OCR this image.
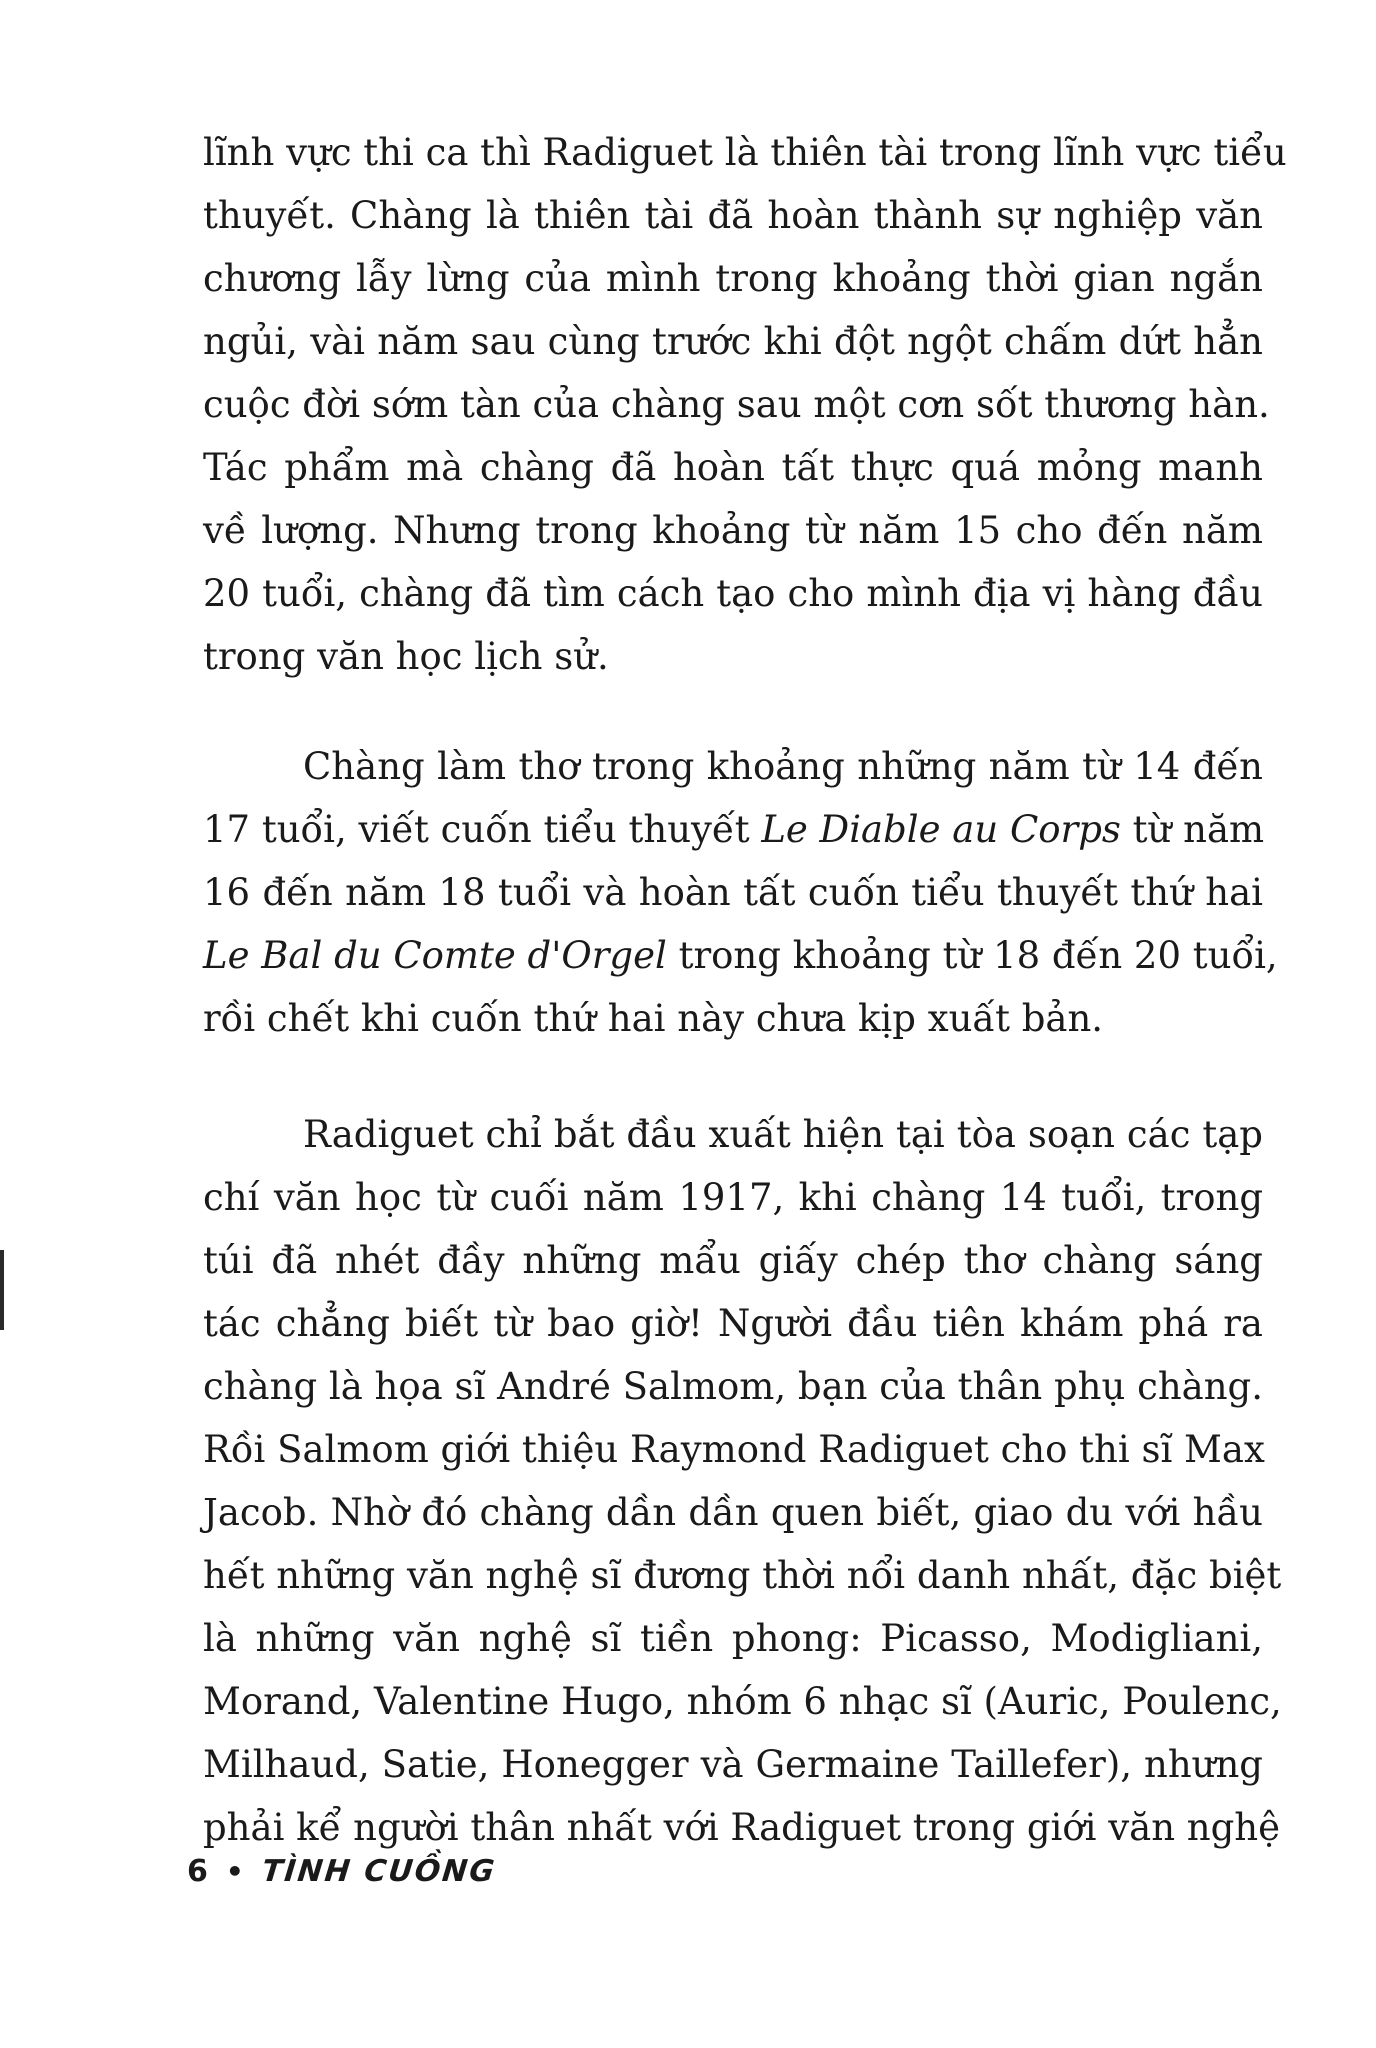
lĩnh vực thi ca thì Radiguet là thiên tài trong lĩnh vực tiểu
thuyết. Chàng là thiên tài đã hoàn thành sự nghiệp văn
chương lẫy lừng của mình trong khoảng thời gian ngắn
ngủi, vài năm sau cùng trước khi đột ngột chấm dứt hẳn
cuộc đời sớm tàn của chàng sau một cơn sốt thương hàn.
Tác phẩm mà chàng đã hoàn tất thực quá mỏng manh
về lượng. Nhưng trong khoảng từ năm 15 cho đến năm
20 tuổi, chàng đã tìm cách tạo cho mình địa vị hàng đầu
trong văn học lịch sử.

Chàng làm thơ trong khoảng những năm từ 14 đến
17 tuổi, viết cuốn tiểu thuyết Le Diable au Corps từ năm
16 đến năm 18 tuổi và hoàn tất cuốn tiểu thuyết thứ hai
Le Bal du Comte d'Orgel trong khoảng từ 18 đến 20 tuổi,
rồi chết khi cuốn thứ hai này chưa kịp xuất bản.

Radiguet chỉ bắt đầu xuất hiện tại tòa soạn các tạp
chí văn học từ cuối năm 1917, khi chàng 14 tuổi, trong
túi đã nhét đầy những mẩu giấy chép thơ chàng sáng
tác chẳng biết từ bao giờ! Người đầu tiên khám phá ra
chàng là họa sĩ André Salmom, bạn của thân phụ chàng.
Rồi Salmom giới thiệu Raymond Radiguet cho thi sĩ Max
Jacob. Nhờ đó chàng dần dần quen biết, giao du với hầu
hết những văn nghệ sĩ đương thời nổi danh nhất, đặc biệt
là những văn nghệ sĩ tiền phong: Picasso, Modigliani,
Morand, Valentine Hugo, nhóm 6 nhạc sĩ (Auric, Poulenc,
Milhaud, Satie, Honegger và Germaine Taillefer), nhưng
phải kể người thân nhất với Radiguet trong giới văn nghệ

6 • TÌNH CUỒNG
